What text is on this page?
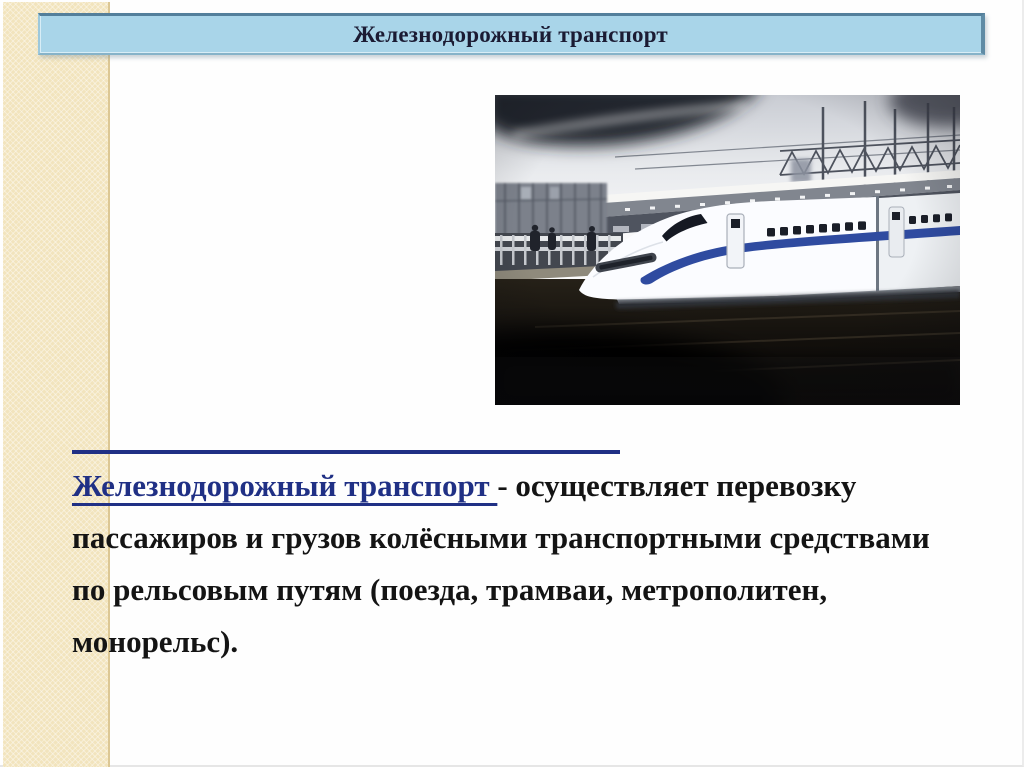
Железнодорожный транспорт

Железнодорожный транспорт - осуществляет перевозку

пассажиров и грузов колёсными транспортными средствами

по рельсовым путям (поезда, трамваи, метрополитен,

монорельс).
